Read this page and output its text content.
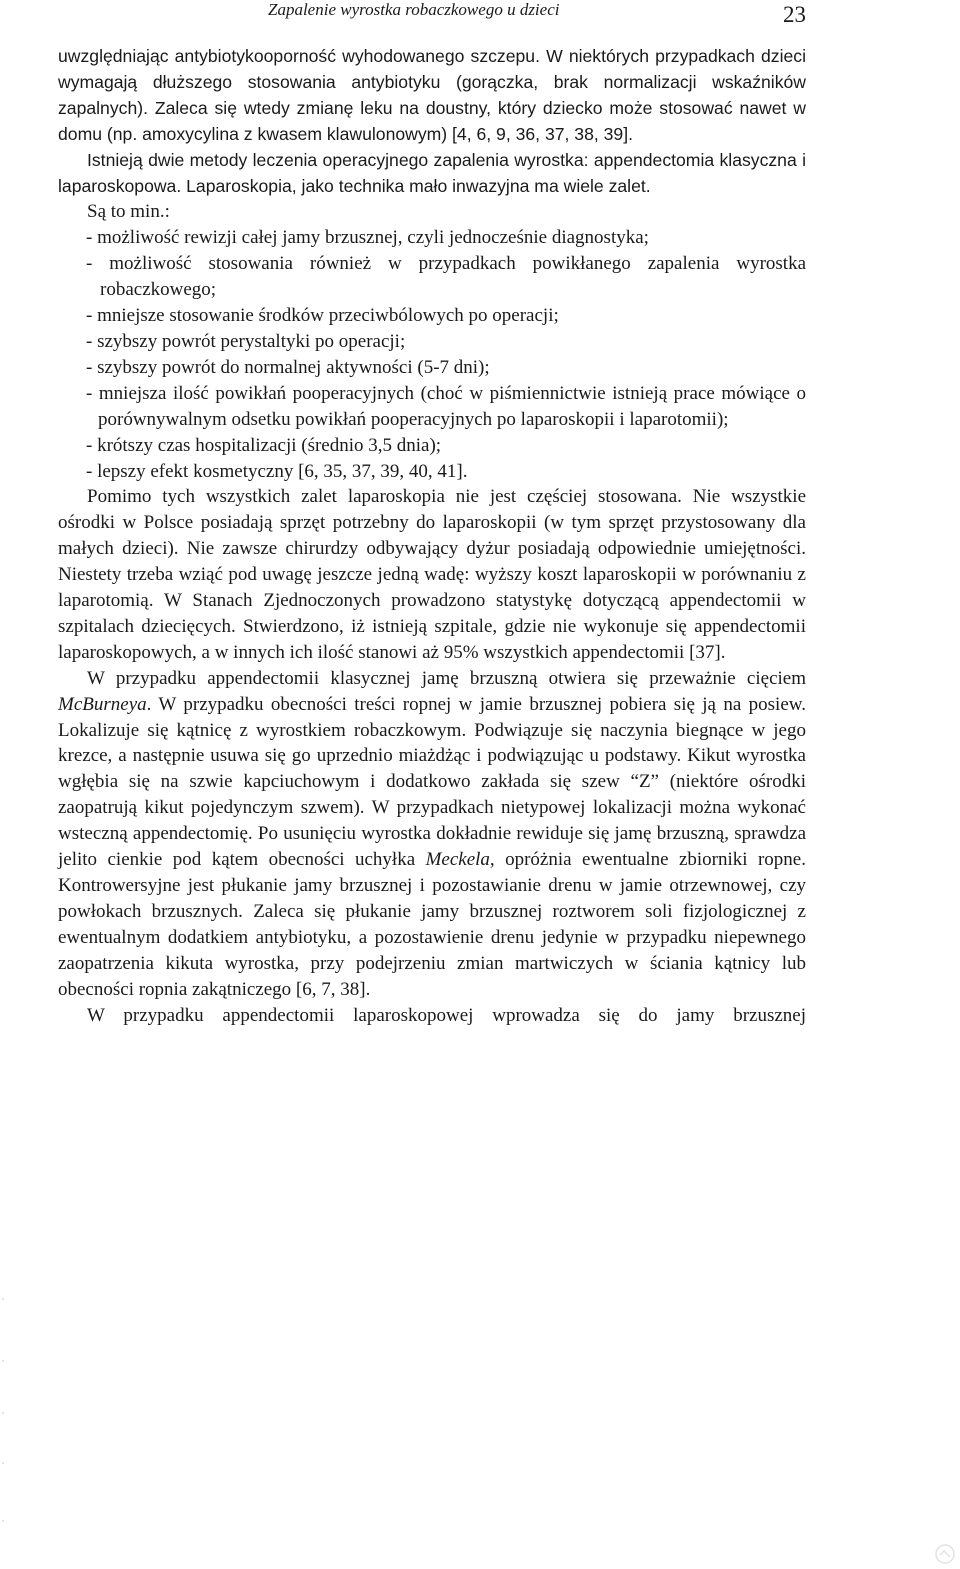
Zapalenie wyrostka robaczkowego u dzieci	23

uwzględniając antybiotykooporność wyhodowanego szczepu. W niektórych przypadkach dzieci wymagają dłuższego stosowania antybiotyku (gorączka, brak normalizacji wskaźników zapalnych). Zaleca się wtedy zmianę leku na doustny, który dziecko może stosować nawet w domu (np. amoxycylina z kwasem klawulonowym) [4, 6, 9, 36, 37, 38, 39].

Istnieją dwie metody leczenia operacyjnego zapalenia wyrostka: appendectomia klasyczna i laparoskopowa. Laparoskopia, jako technika mało inwazyjna ma wiele zalet.

Są to min.:

- możliwość rewizji całej jamy brzusznej, czyli jednocześnie diagnostyka;
- możliwość stosowania również w przypadkach powikłanego zapalenia wyrostka robaczkowego;
- mniejsze stosowanie środków przeciwbólowych po operacji;
- szybszy powrót perystaltyki po operacji;
- szybszy powrót do normalnej aktywności (5-7 dni);
- mniejsza ilość powikłań pooperacyjnych (choć w piśmiennictwie istnieją prace mówiące o porównywalnym odsetku powikłań pooperacyjnych po laparoskopii i laparotomii);
- krótszy czas hospitalizacji (średnio 3,5 dnia);
- lepszy efekt kosmetyczny [6, 35, 37, 39, 40, 41].

Pomimo tych wszystkich zalet laparoskopia nie jest częściej stosowana. Nie wszystkie ośrodki w Polsce posiadają sprzęt potrzebny do laparoskopii (w tym sprzęt przystosowany dla małych dzieci). Nie zawsze chirurdzy odbywający dyżur posiadają odpowiednie umiejętności. Niestety trzeba wziąć pod uwagę jeszcze jedną wadę: wyższy koszt laparoskopii w porównaniu z laparotomią. W Stanach Zjednoczonych prowadzono statystykę dotyczącą appendectomii w szpitalach dziecięcych. Stwierdzono, iż istnieją szpitale, gdzie nie wykonuje się appendectomii laparoskopowych, a w innych ich ilość stanowi aż 95% wszystkich appendectomii [37].

W przypadku appendectomii klasycznej jamę brzuszną otwiera się przeważnie cięciem McBurneya. W przypadku obecności treści ropnej w jamie brzusznej pobiera się ją na posiew. Lokalizuje się kątnicę z wyrostkiem robaczkowym. Podwiązuje się naczynia biegnące w jego krezce, a następnie usuwa się go uprzednio miażdżąc i podwiązując u podstawy. Kikut wyrostka wgłębia się na szwie kapciuchowym i dodatkowo zakłada się szew “Z” (niektóre ośrodki zaopatrują kikut pojedynczym szwem). W przypadkach nietypowej lokalizacji można wykonać wsteczną appendectomię. Po usunięciu wyrostka dokładnie rewiduje się jamę brzuszną, sprawdza jelito cienkie pod kątem obecności uchyłka Meckela, opróżnia ewentualne zbiorniki ropne. Kontrowersyjne jest płukanie jamy brzusznej i pozostawianie drenu w jamie otrzewnowej, czy powłokach brzusznych. Zaleca się płukanie jamy brzusznej roztworem soli fizjologicznej z ewentualnym dodatkiem antybiotyku, a pozostawienie drenu jedynie w przypadku niepewnego zaopatrzenia kikuta wyrostka, przy podejrzeniu zmian martwiczych w ściania kątnicy lub obecności ropnia zakątniczego [6, 7, 38].

W przypadku appendectomii laparoskopowej wprowadza się do jamy brzusznej
